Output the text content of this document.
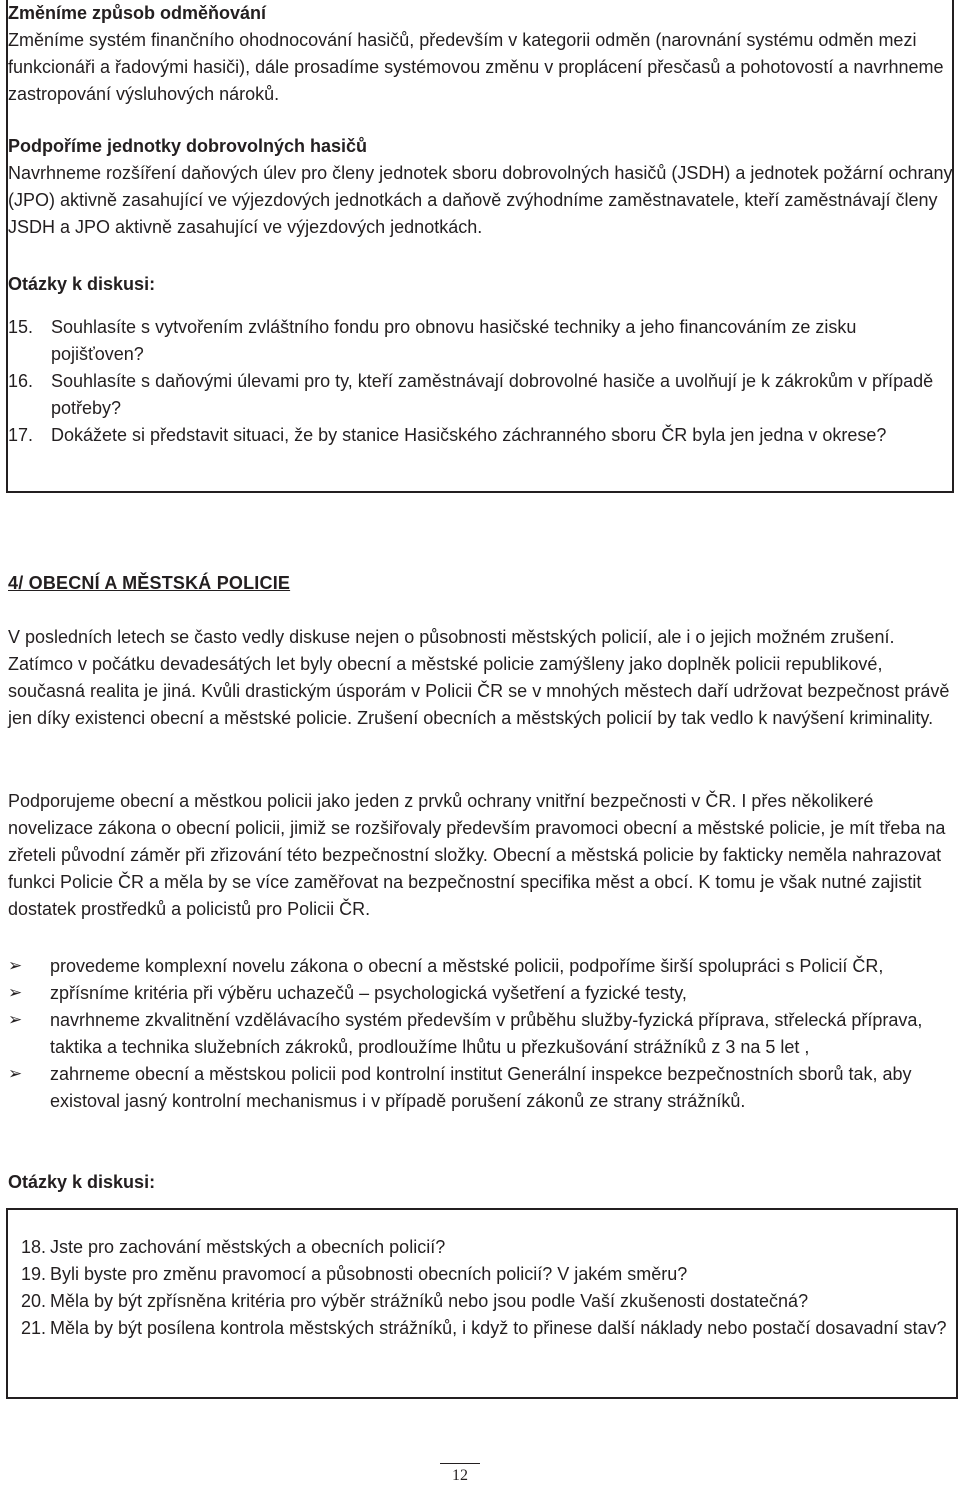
Změníme způsob odměňování

Změníme systém finančního ohodnocování hasičů, především v kategorii odměn (narovnání systému odměn mezi funkcionáři a řadovými hasiči), dále prosadíme systémovou změnu v proplácení přesčasů a pohotovostí a navrhneme zastropování výsluhových nároků.

Podpoříme jednotky dobrovolných hasičů

Navrhneme rozšíření daňových úlev pro členy jednotek sboru dobrovolných hasičů (JSDH) a jednotek požární ochrany (JPO) aktivně zasahující ve výjezdových jednotkách a daňově zvýhodníme zaměstnavatele, kteří zaměstnávají členy JSDH a JPO aktivně zasahující ve výjezdových jednotkách.

Otázky k diskusi:
15. Souhlasíte s vytvořením zvláštního fondu pro obnovu hasičské techniky a jeho financováním ze zisku pojišťoven?
16. Souhlasíte s daňovými úlevami pro ty, kteří zaměstnávají dobrovolné hasiče a uvolňují je k zákrokům v případě potřeby?
17. Dokážete si představit situaci, že by stanice Hasičského záchranného sboru ČR byla jen jedna v okrese?
4/ OBECNÍ A MĚSTSKÁ POLICIE

V posledních letech se často vedly diskuse nejen o působnosti městských policií, ale i o jejich možném zrušení. Zatímco v počátku devadesátých let byly obecní a městské policie zamýšleny jako doplněk policii republikové, současná realita je jiná. Kvůli drastickým úsporám v Policii ČR se v mnohých městech daří udržovat bezpečnost právě jen díky existenci obecní a městské policie. Zrušení obecních a městských policií by tak vedlo k navýšení kriminality.

Podporujeme obecní a městkou policii jako jeden z prvků ochrany vnitřní bezpečnosti v ČR. I přes několikeré novelizace zákona o obecní policii, jimiž se rozšiřovaly především pravomoci obecní a městské policie, je mít třeba na zřeteli původní záměr při zřizování této bezpečnostní složky. Obecní a městská policie by fakticky neměla nahrazovat funkci Policie ČR a měla by se více zaměřovat na bezpečnostní specifika měst a obcí. K tomu je však nutné zajistit dostatek prostředků a policistů pro Policii ČR.

➢ provedeme komplexní novelu zákona o obecní a městské policii, podpoříme širší spolupráci s Policií ČR,
➢ zpřísníme kritéria při výběru uchazečů – psychologická vyšetření a fyzické testy,
➢ navrhneme zkvalitnění vzdělávacího systém především v průběhu služby-fyzická příprava, střelecká příprava, taktika a technika služebních zákroků, prodloužíme lhůtu u přezkušování strážníků z 3 na 5 let ,
➢ zahrneme obecní a městskou policii pod kontrolní institut Generální inspekce bezpečnostních sborů tak, aby existoval jasný kontrolní mechanismus i v případě porušení zákonů ze strany strážníků.
Otázky k diskusi:
18. Jste pro zachování městských a obecních policií?
19. Byli byste pro změnu pravomocí a působnosti obecních policií? V jakém směru?
20. Měla by být zpřísněna kritéria pro výběr strážníků nebo jsou podle Vaší zkušenosti dostatečná?
21. Měla by být posílena kontrola městských strážníků, i když to přinese další náklady nebo postačí dosavadní stav?
12
